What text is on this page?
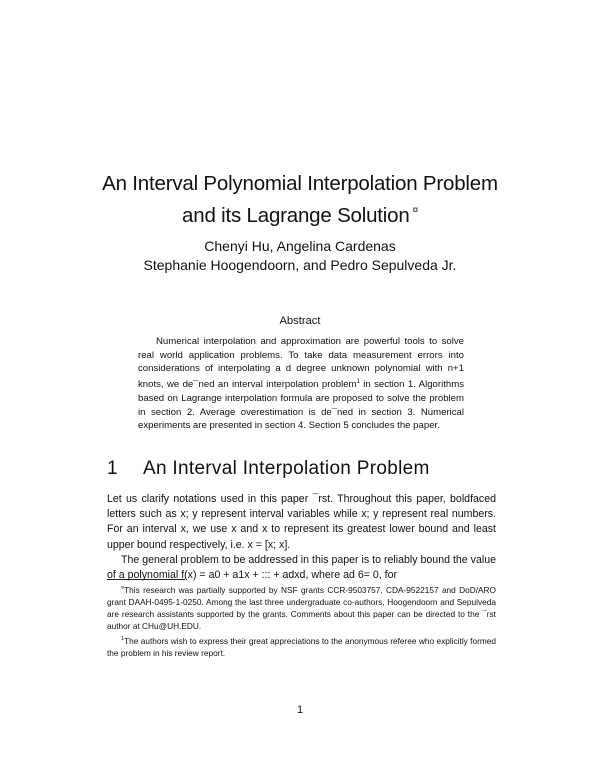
An Interval Polynomial Interpolation Problem
and its Lagrange Solution ¤
Chenyi Hu, Angelina Cardenas
Stephanie Hoogendoorn, and Pedro Sepulveda Jr.
Abstract

Numerical interpolation and approximation are powerful tools to solve real world application problems. To take data measurement errors into considerations of interpolating a d degree unknown polynomial with n+1 knots, we de¯ned an interval interpolation problem$^1$ in section 1. Algorithms based on Lagrange interpolation formula are proposed to solve the problem in section 2. Average overestimation is de¯ned in section 3. Numerical experiments are presented in section 4. Section 5 concludes the paper.

1 An Interval Interpolation Problem

Let us clarify notations used in this paper ¯rst. Throughout this paper, boldfaced letters such as x; y represent interval variables while x; y represent real numbers. For an interval x, we use x and x to represent its greatest lower bound and least upper bound respectively, i.e. x = [x; x].

The general problem to be addressed in this paper is to reliably bound the value of a polynomial f(x) = a0 + a1x + ::: + adxd, where ad 6= 0, for

¤This research was partially supported by NSF grants CCR-9503757, CDA-9522157 and DoD/ARO grant DAAH-0495-1-0250. Among the last three undergraduate co-authors, Hoogendoorn and Sepulveda are research assistants supported by the grants. Comments about this paper can be directed to the ¯rst author at CHu@UH.EDU.

$^1$The authors wish to express their great appreciations to the anonymous referee who explicitly formed the problem in his review report.

1
